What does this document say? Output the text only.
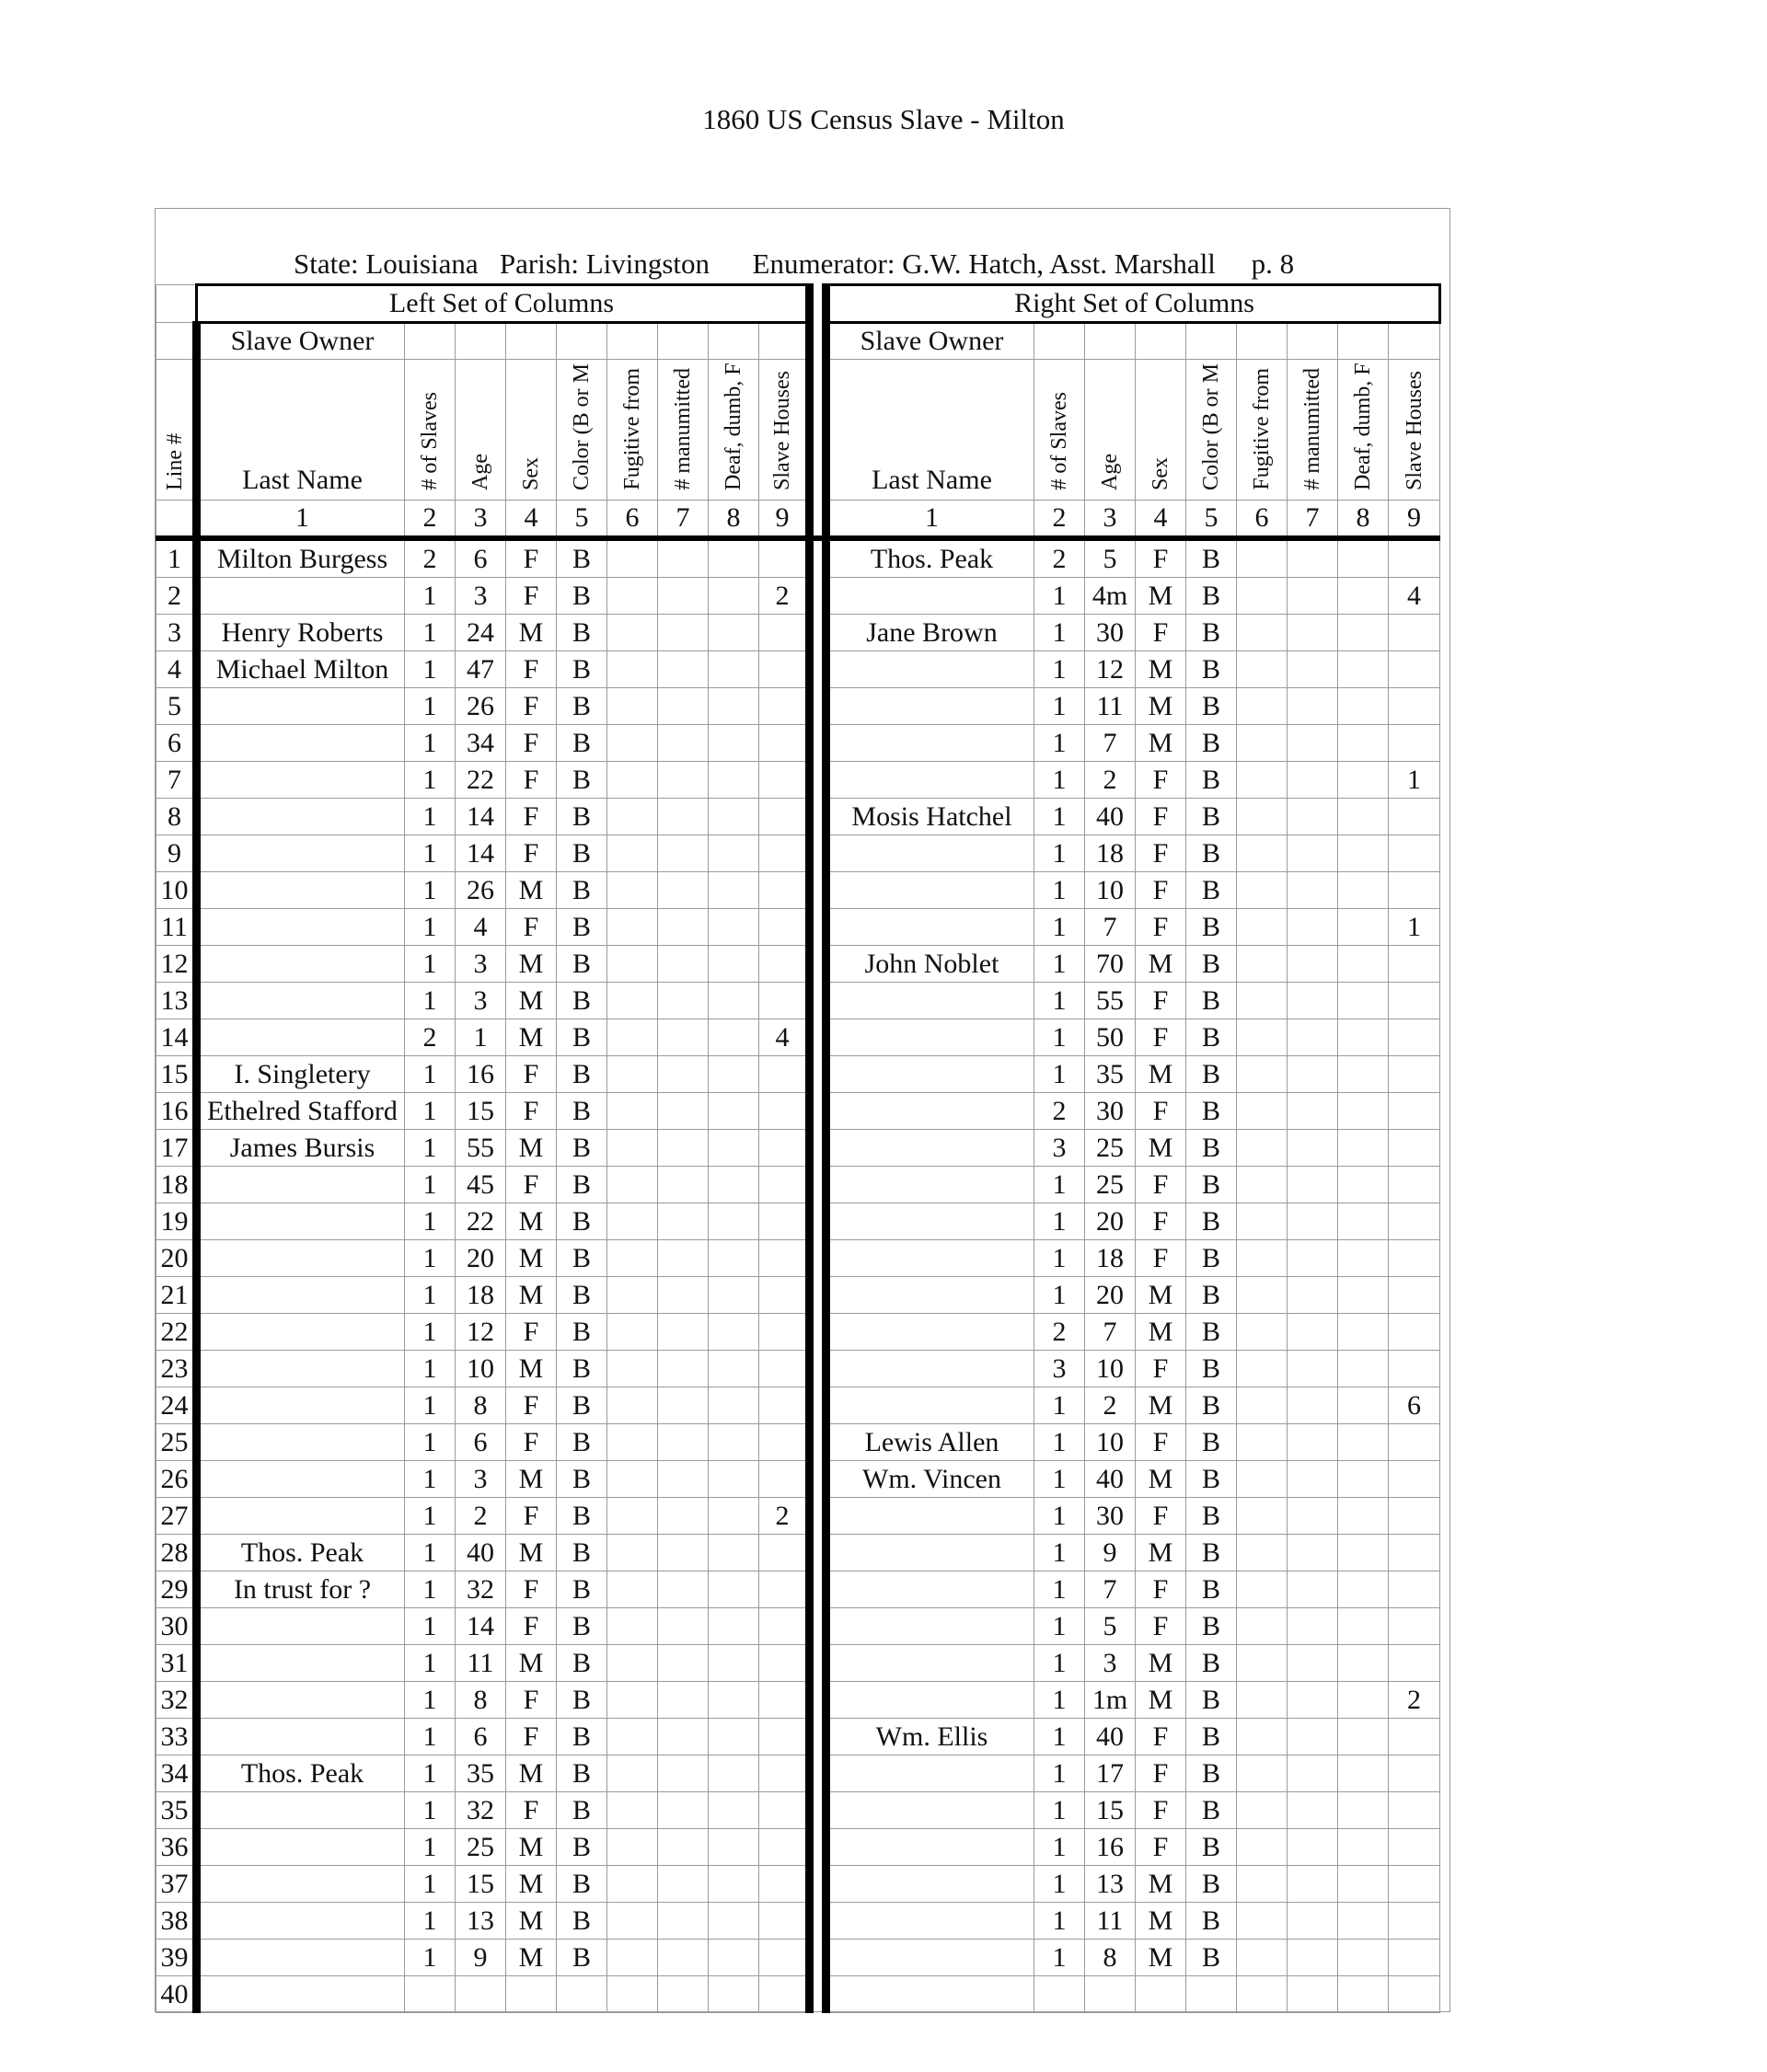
1860 US Census Slave - Milton
State: Louisiana Parish: Livingston Enumerator: G.W. Hatch, Asst. Marshall p. 8
	Left Set of Columns										Right Set of Columns								
	Slave Owner										Slave Owner								
Line #	Last Name	# of Slaves	Age	Sex	Color (B or M	Fugitive from	# manumitted	Deaf, dumb, F	Slave Houses		Last Name	# of Slaves	Age	Sex	Color (B or M	Fugitive from	# manumitted	Deaf, dumb, F	Slave Houses
	1	2	3	4	5	6	7	8	9		1	2	3	4	5	6	7	8	9
1	Milton Burgess	2	6	F	B						Thos. Peak	2	5	F	B				
2		1	3	F	B				2			1	4m	M	B				4
3	Henry Roberts	1	24	M	B						Jane Brown	1	30	F	B				
4	Michael Milton	1	47	F	B							1	12	M	B				
5		1	26	F	B							1	11	M	B				
6		1	34	F	B							1	7	M	B				
7		1	22	F	B							1	2	F	B				1
8		1	14	F	B						Mosis Hatchel	1	40	F	B				
9		1	14	F	B							1	18	F	B				
10		1	26	M	B							1	10	F	B				
11		1	4	F	B							1	7	F	B				1
12		1	3	M	B						John Noblet	1	70	M	B				
13		1	3	M	B							1	55	F	B				
14		2	1	M	B				4			1	50	F	B				
15	I. Singletery	1	16	F	B							1	35	M	B				
16	Ethelred Stafford	1	15	F	B							2	30	F	B				
17	James Bursis	1	55	M	B							3	25	M	B				
18		1	45	F	B							1	25	F	B				
19		1	22	M	B							1	20	F	B				
20		1	20	M	B							1	18	F	B				
21		1	18	M	B							1	20	M	B				
22		1	12	F	B							2	7	M	B				
23		1	10	M	B							3	10	F	B				
24		1	8	F	B							1	2	M	B				6
25		1	6	F	B						Lewis Allen	1	10	F	B				
26		1	3	M	B						Wm. Vincen	1	40	M	B				
27		1	2	F	B				2			1	30	F	B				
28	Thos. Peak	1	40	M	B							1	9	M	B				
29	In trust for ?	1	32	F	B							1	7	F	B				
30		1	14	F	B							1	5	F	B				
31		1	11	M	B							1	3	M	B				
32		1	8	F	B							1	1m	M	B				2
33		1	6	F	B						Wm. Ellis	1	40	F	B				
34	Thos. Peak	1	35	M	B							1	17	F	B				
35		1	32	F	B							1	15	F	B				
36		1	25	M	B							1	16	F	B				
37		1	15	M	B							1	13	M	B				
38		1	13	M	B							1	11	M	B				
39		1	9	M	B							1	8	M	B				
40																			
